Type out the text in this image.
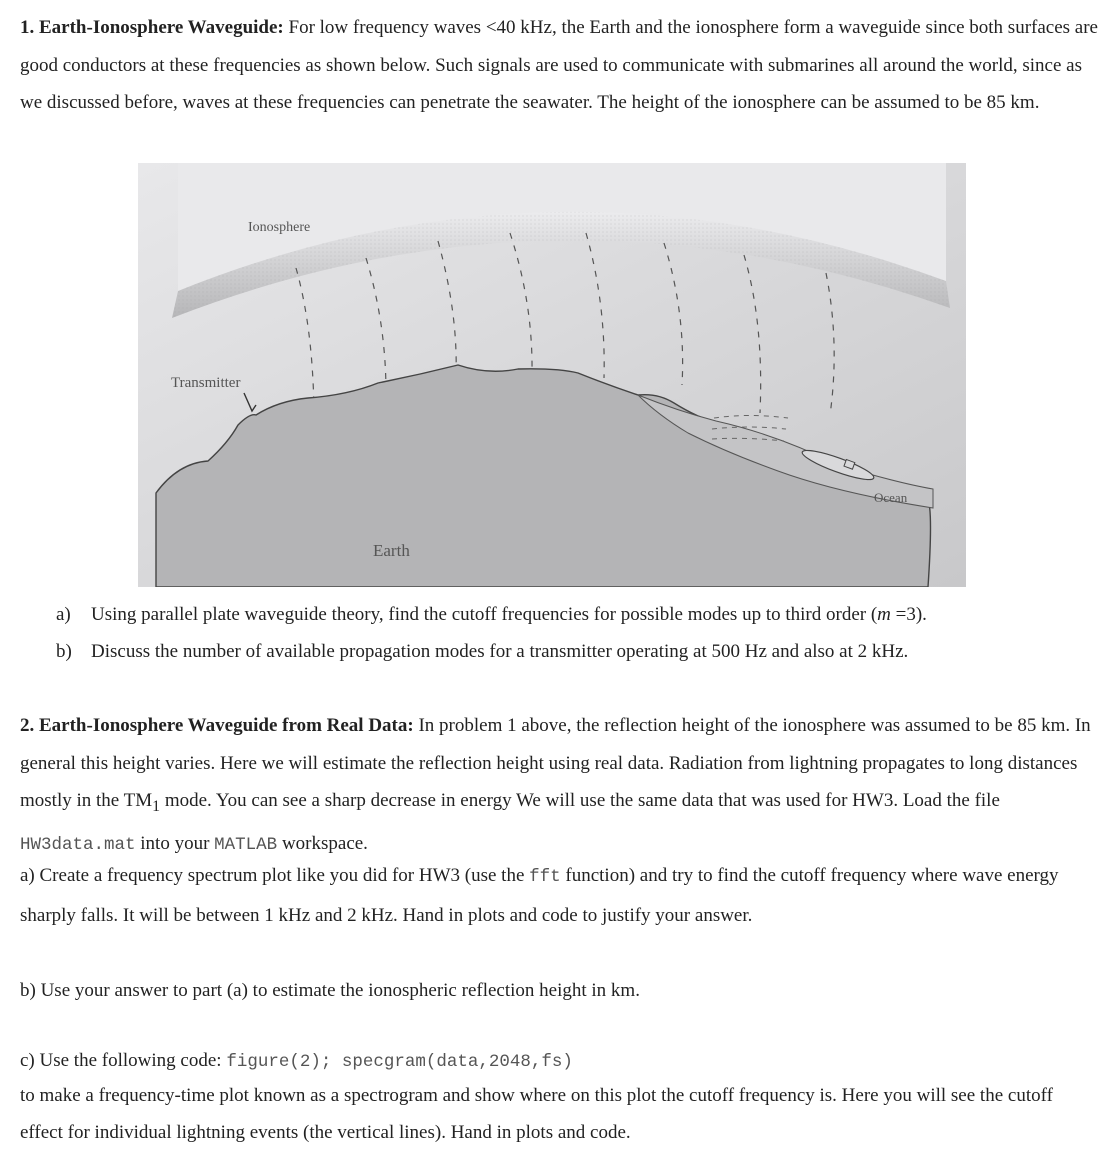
1. Earth-Ionosphere Waveguide: For low frequency waves <40 kHz, the Earth and the ionosphere form a waveguide since both surfaces are good conductors at these frequencies as shown below. Such signals are used to communicate with submarines all around the world, since as we discussed before, waves at these frequencies can penetrate the seawater. The height of the ionosphere can be assumed to be 85 km.
Ionosphere
Transmitter
Earth
Ocean
a)	Using parallel plate waveguide theory, find the cutoff frequencies for possible modes up to third order (m =3).
b)	Discuss the number of available propagation modes for a transmitter operating at 500 Hz and also at 2 kHz.
2. Earth-Ionosphere Waveguide from Real Data: In problem 1 above, the reflection height of the ionosphere was assumed to be 85 km. In general this height varies. Here we will estimate the reflection height using real data. Radiation from lightning propagates to long distances mostly in the $TM_1$ mode. You can see a sharp decrease in energy We will use the same data that was used for HW3. Load the file HW3data.mat into your MATLAB workspace.
a) Create a frequency spectrum plot like you did for HW3 (use the fft function) and try to find the cutoff frequency where wave energy sharply falls. It will be between 1 kHz and 2 kHz. Hand in plots and code to justify your answer.
b) Use your answer to part (a) to estimate the ionospheric reflection height in km.
c) Use the following code: figure(2); specgram(data,2048,fs)
to make a frequency-time plot known as a spectrogram and show where on this plot the cutoff frequency is. Here you will see the cutoff effect for individual lightning events (the vertical lines). Hand in plots and code.
